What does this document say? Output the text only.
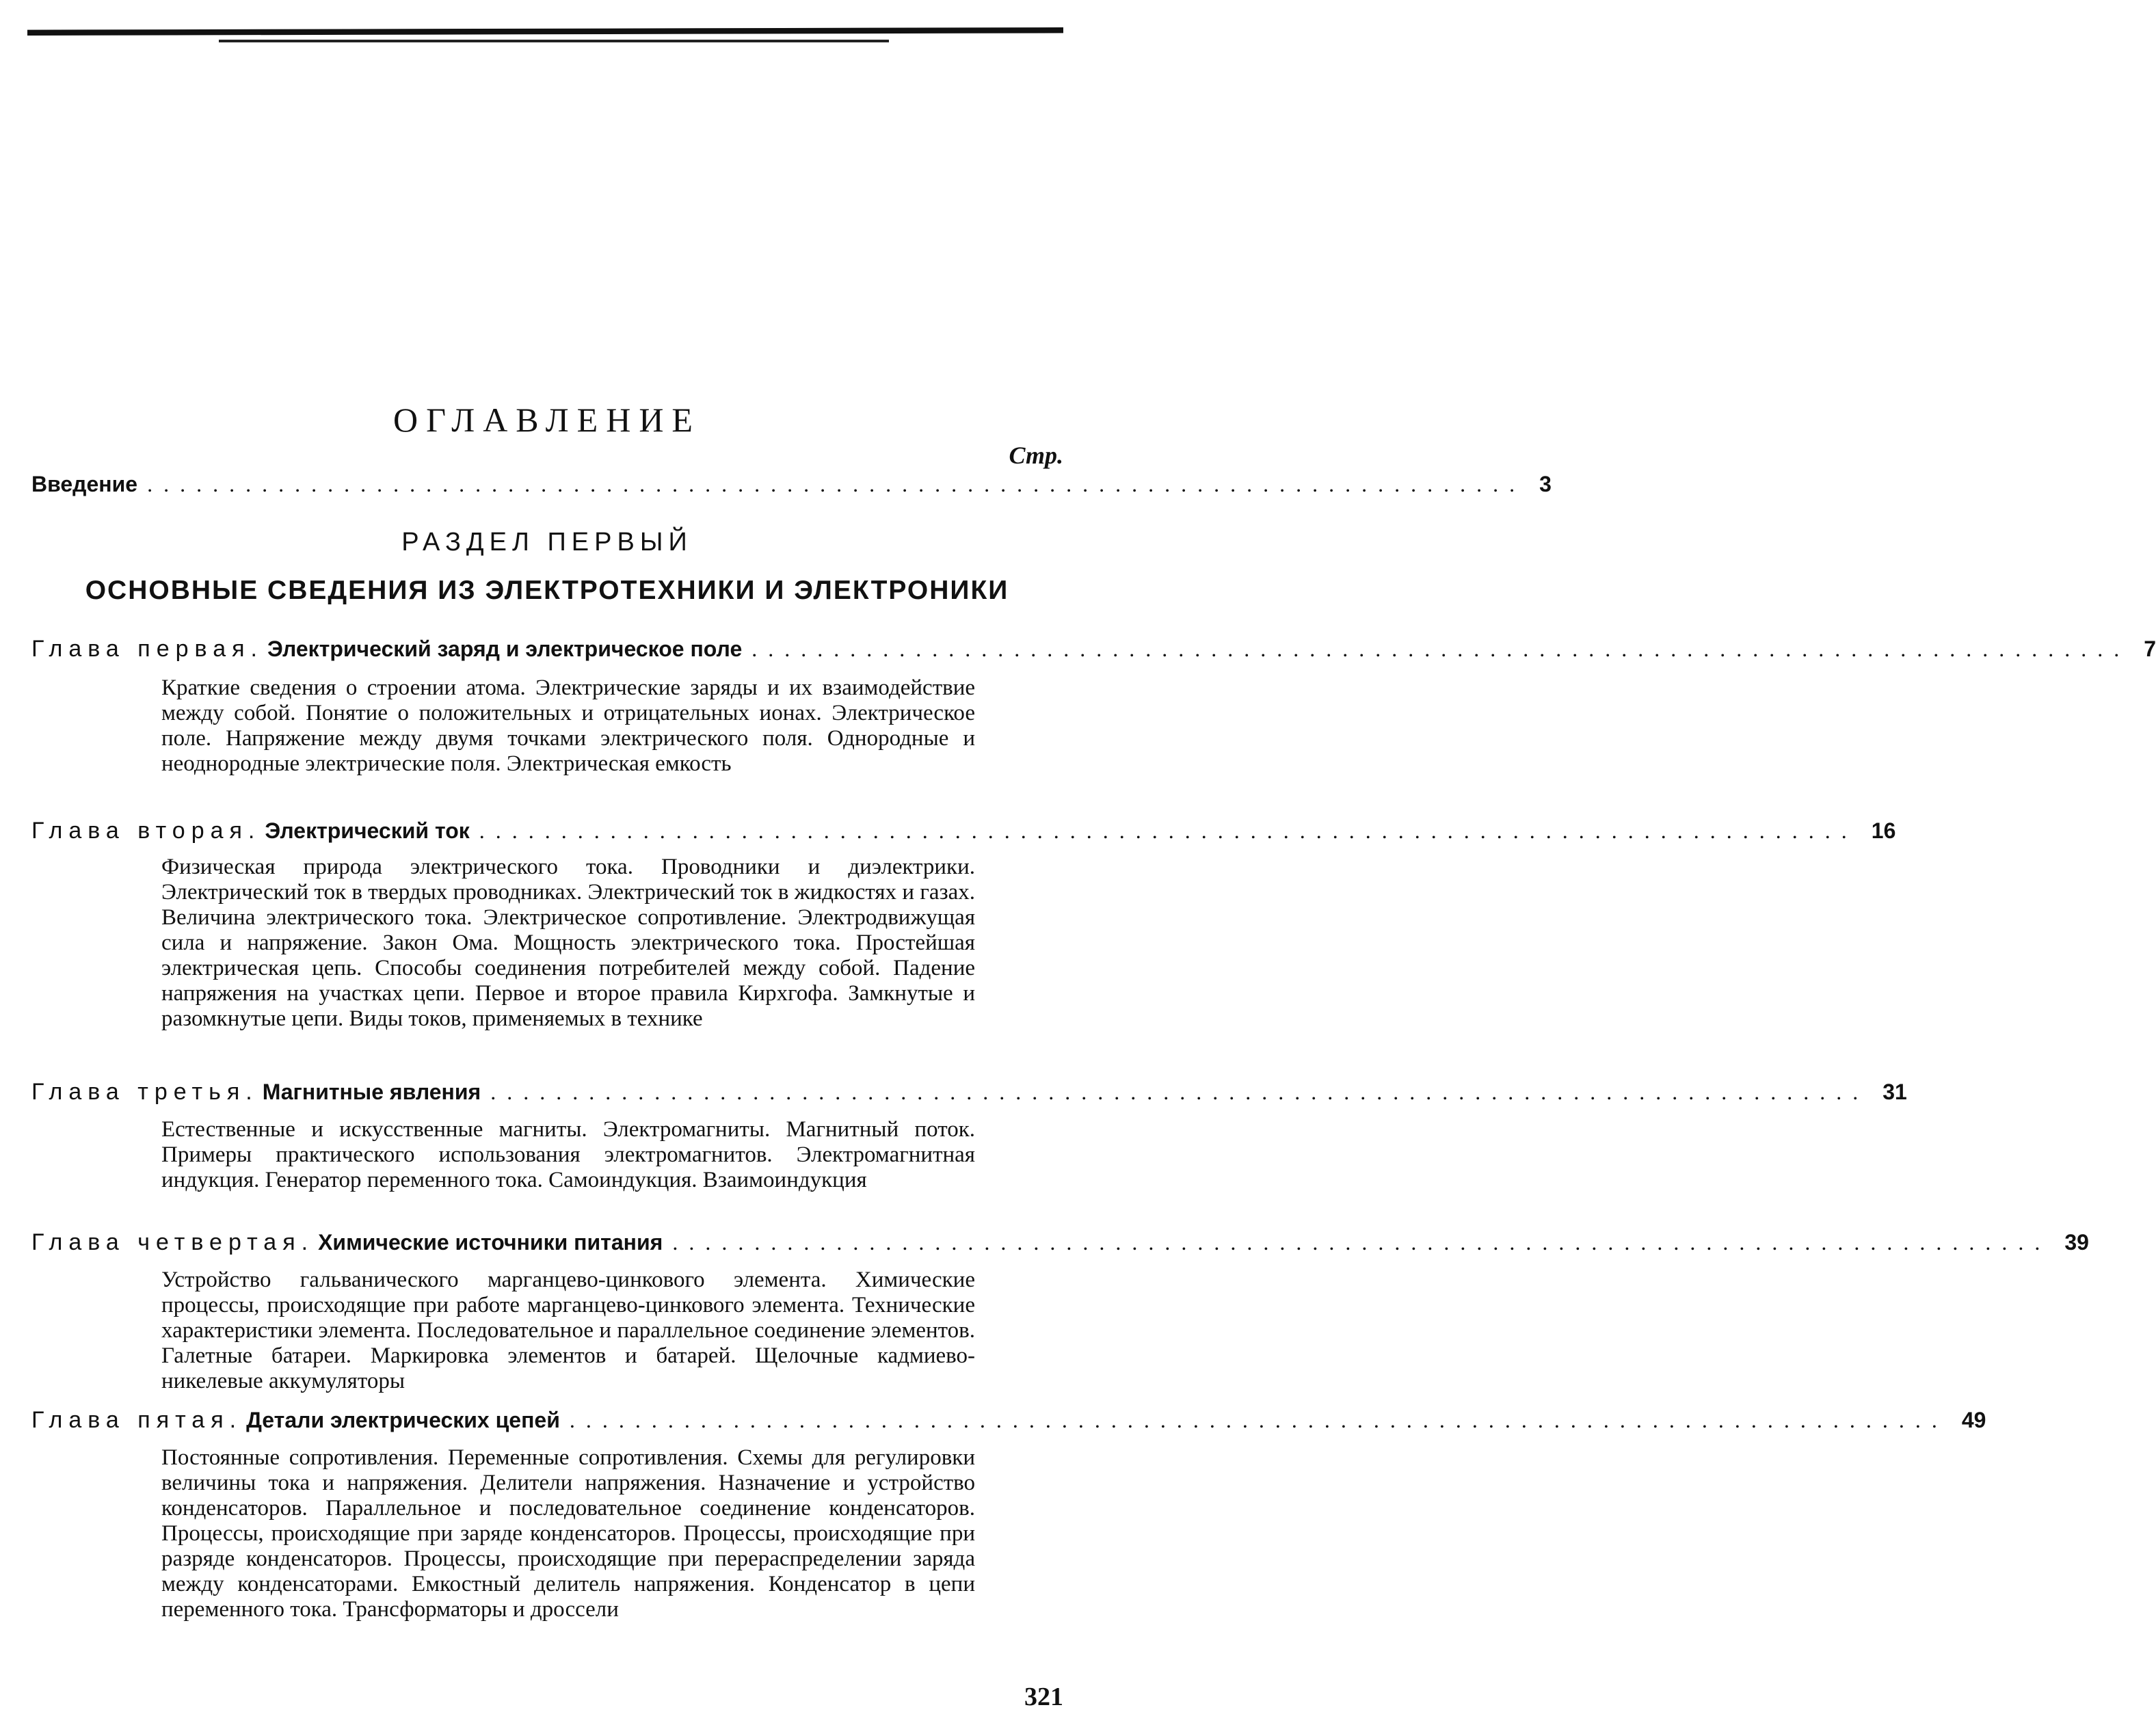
ОГЛАВЛЕНИЕ
Стр.
Введение .................................................................................... 3
РАЗДЕЛ ПЕРВЫЙ
ОСНОВНЫЕ СВЕДЕНИЯ ИЗ ЭЛЕКТРОТЕХНИКИ И ЭЛЕКТРОНИКИ
Глава первая. Электрический заряд и электрическое поле .................................................................................... 7
Краткие сведения о строении атома. Электрические заряды и их взаимодействие между собой. Понятие о положительных и отрицательных ионах. Электрическое поле. Напряжение между двумя точками электрического поля. Однородные и неоднородные электрические поля. Электрическая емкость
Глава вторая. Электрический ток .................................................................................... 16
Физическая природа электрического тока. Проводники и диэлектрики. Электрический ток в твердых проводниках. Электрический ток в жидкостях и газах. Величина электрического тока. Электрическое сопротивление. Электродвижущая сила и напряжение. Закон Ома. Мощность электрического тока. Простейшая электрическая цепь. Способы соединения потребителей между собой. Падение напряжения на участках цепи. Первое и второе правила Кирхгофа. Замкнутые и разомкнутые цепи. Виды токов, применяемых в технике
Глава третья. Магнитные явления .................................................................................... 31
Естественные и искусственные магниты. Электромагниты. Магнитный поток. Примеры практического использования электромагнитов. Электромагнитная индукция. Генератор переменного тока. Самоиндукция. Взаимоиндукция
Глава четвертая. Химические источники питания .................................................................................... 39
Устройство гальванического марганцево-цинкового элемента. Химические процессы, происходящие при работе марганцево-цинкового элемента. Технические характеристики элемента. Последовательное и параллельное соединение элементов. Галетные батареи. Маркировка элементов и батарей. Щелочные кадмиево-никелевые аккумуляторы
Глава пятая. Детали электрических цепей .................................................................................... 49
Постоянные сопротивления. Переменные сопротивления. Схемы для регулировки величины тока и напряжения. Делители напряжения. Назначение и устройство конденсаторов. Параллельное и последовательное соединение конденсаторов. Процессы, происходящие при заряде конденсаторов. Процессы, происходящие при разряде конденсаторов. Процессы, происходящие при перераспределении заряда между конденсаторами. Емкостный делитель напряжения. Конденсатор в цепи переменного тока. Трансформаторы и дроссели
321
